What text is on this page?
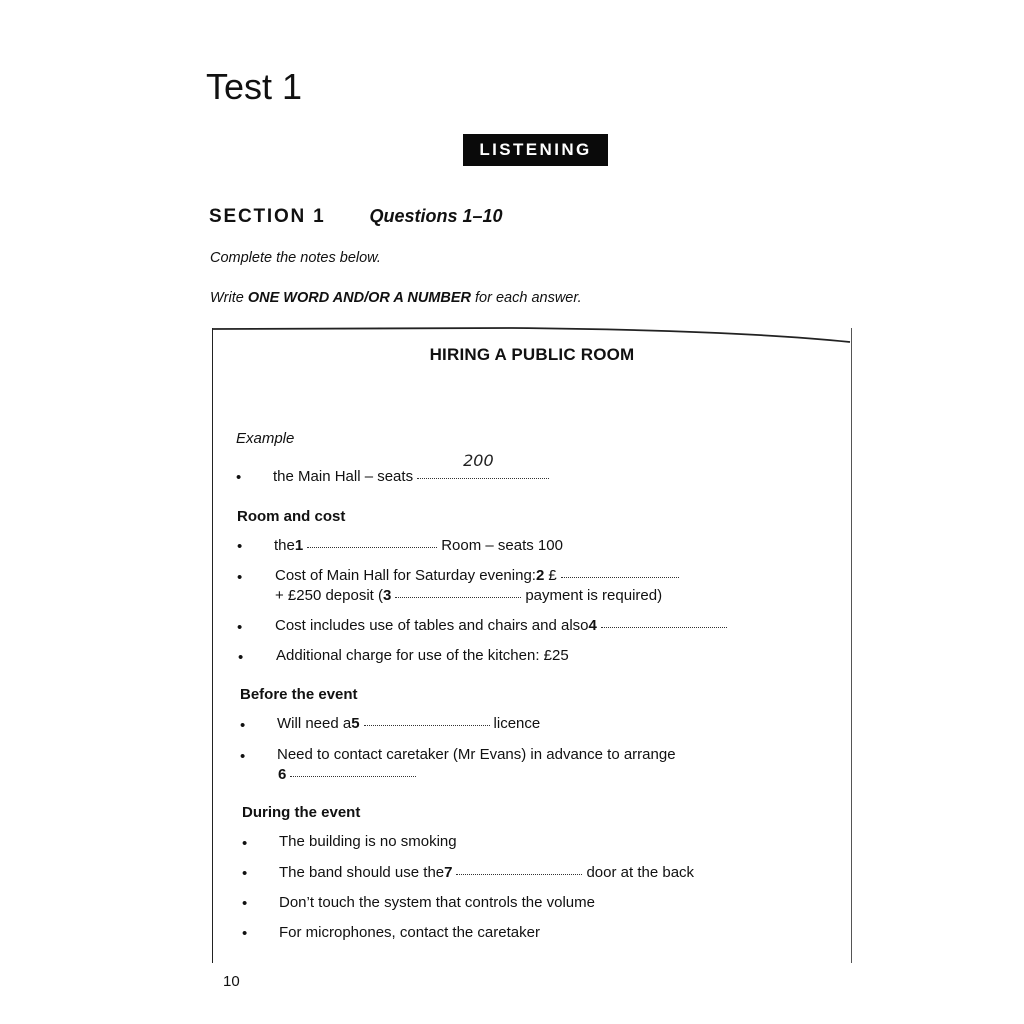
Test 1
LISTENING
SECTION 1 Questions 1–10
Complete the notes below.
Write ONE WORD AND/OR A NUMBER for each answer.
HIRING A PUBLIC ROOM
Example
• the Main Hall – seats
200
Room and cost
• the 1	Room – seats 100
• Cost of Main Hall for Saturday evening: 2 £
+ £250 deposit ( 3	payment is required)
• Cost includes use of tables and chairs and also 4
• Additional charge for use of the kitchen: £25
Before the event
• Will need a 5	licence
• Need to contact caretaker (Mr Evans) in advance to arrange
6
During the event
• The building is no smoking
• The band should use the 7	door at the back
• Don’t touch the system that controls the volume
• For microphones, contact the caretaker
10
